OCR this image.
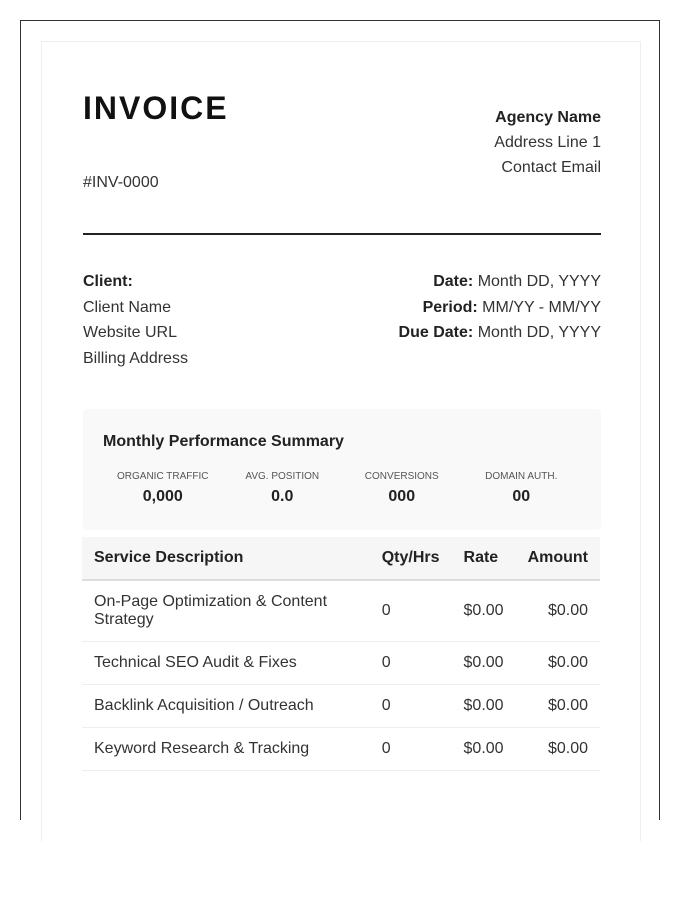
INVOICE
#INV-0000
Agency Name
Address Line 1
Contact Email
Client:
Client Name
Website URL
Billing Address
Date: Month DD, YYYY
Period: MM/YY - MM/YY
Due Date: Month DD, YYYY
Monthly Performance Summary
ORGANIC TRAFFIC
0,000
AVG. POSITION
0.0
CONVERSIONS
000
DOMAIN AUTH.
00
Service Description	Qty/Hrs	Rate	Amount
On-Page Optimization & Content Strategy	0	$0.00	$0.00
Technical SEO Audit & Fixes	0	$0.00	$0.00
Backlink Acquisition / Outreach	0	$0.00	$0.00
Keyword Research & Tracking	0	$0.00	$0.00
